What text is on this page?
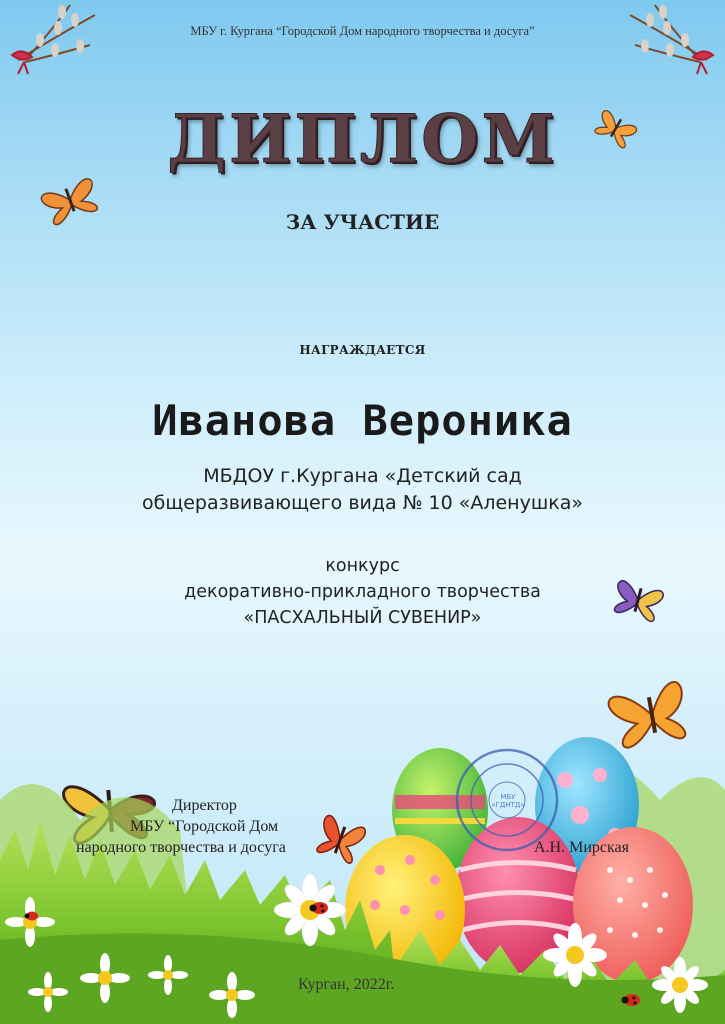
МБУ г. Кургана “Городской Дом народного творчества и досуга”
ДИПЛОМ
ЗА УЧАСТИЕ
НАГРАЖДАЕТСЯ
Иванова Вероника
МБДОУ г.Кургана «Детский сад
общеразвивающего вида № 10 «Аленушка»
конкурс
декоративно-прикладного творчества
«ПАСХАЛЬНЫЙ СУВЕНИР»
Директор
МБУ “Городской Дом
народного творчества и досуга	А.Н. Мирская
МБУ «ГДНТД»
Курган, 2022г.
